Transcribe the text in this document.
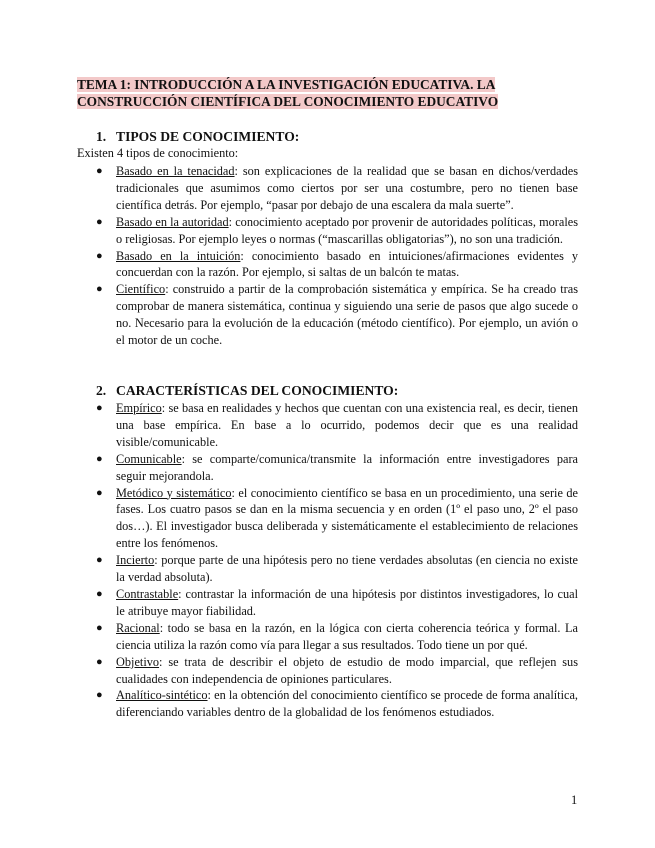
TEMA 1: INTRODUCCIÓN A LA INVESTIGACIÓN EDUCATIVA. LA
CONSTRUCCIÓN CIENTÍFICA DEL CONOCIMIENTO EDUCATIVO
1. TIPOS DE CONOCIMIENTO:
Existen 4 tipos de conocimiento:
● Basado en la tenacidad: son explicaciones de la realidad que se basan en dichos/verdades tradicionales que asumimos como ciertos por ser una costumbre, pero no tienen base científica detrás. Por ejemplo, “pasar por debajo de una escalera da mala suerte”.
● Basado en la autoridad: conocimiento aceptado por provenir de autoridades políticas, morales o religiosas. Por ejemplo leyes o normas (“mascarillas obligatorias”), no son una tradición.
● Basado en la intuición: conocimiento basado en intuiciones/afirmaciones evidentes y concuerdan con la razón. Por ejemplo, si saltas de un balcón te matas.
● Científico: construido a partir de la comprobación sistemática y empírica. Se ha creado tras comprobar de manera sistemática, continua y siguiendo una serie de pasos que algo sucede o no. Necesario para la evolución de la educación (método científico). Por ejemplo, un avión o el motor de un coche.
2. CARACTERÍSTICAS DEL CONOCIMIENTO:
● Empírico: se basa en realidades y hechos que cuentan con una existencia real, es decir, tienen una base empírica. En base a lo ocurrido, podemos decir que es una realidad visible/comunicable.
● Comunicable: se comparte/comunica/transmite la información entre investigadores para seguir mejorandola.
● Metódico y sistemático: el conocimiento científico se basa en un procedimiento, una serie de fases. Los cuatro pasos se dan en la misma secuencia y en orden (1º el paso uno, 2º el paso dos…). El investigador busca deliberada y sistemáticamente el establecimiento de relaciones entre los fenómenos.
● Incierto: porque parte de una hipótesis pero no tiene verdades absolutas (en ciencia no existe la verdad absoluta).
● Contrastable: contrastar la información de una hipótesis por distintos investigadores, lo cual le atribuye mayor fiabilidad.
● Racional: todo se basa en la razón, en la lógica con cierta coherencia teórica y formal. La ciencia utiliza la razón como vía para llegar a sus resultados. Todo tiene un por qué.
● Objetivo: se trata de describir el objeto de estudio de modo imparcial, que reflejen sus cualidades con independencia de opiniones particulares.
● Analítico-sintético: en la obtención del conocimiento científico se procede de forma analítica, diferenciando variables dentro de la globalidad de los fenómenos estudiados.
1
